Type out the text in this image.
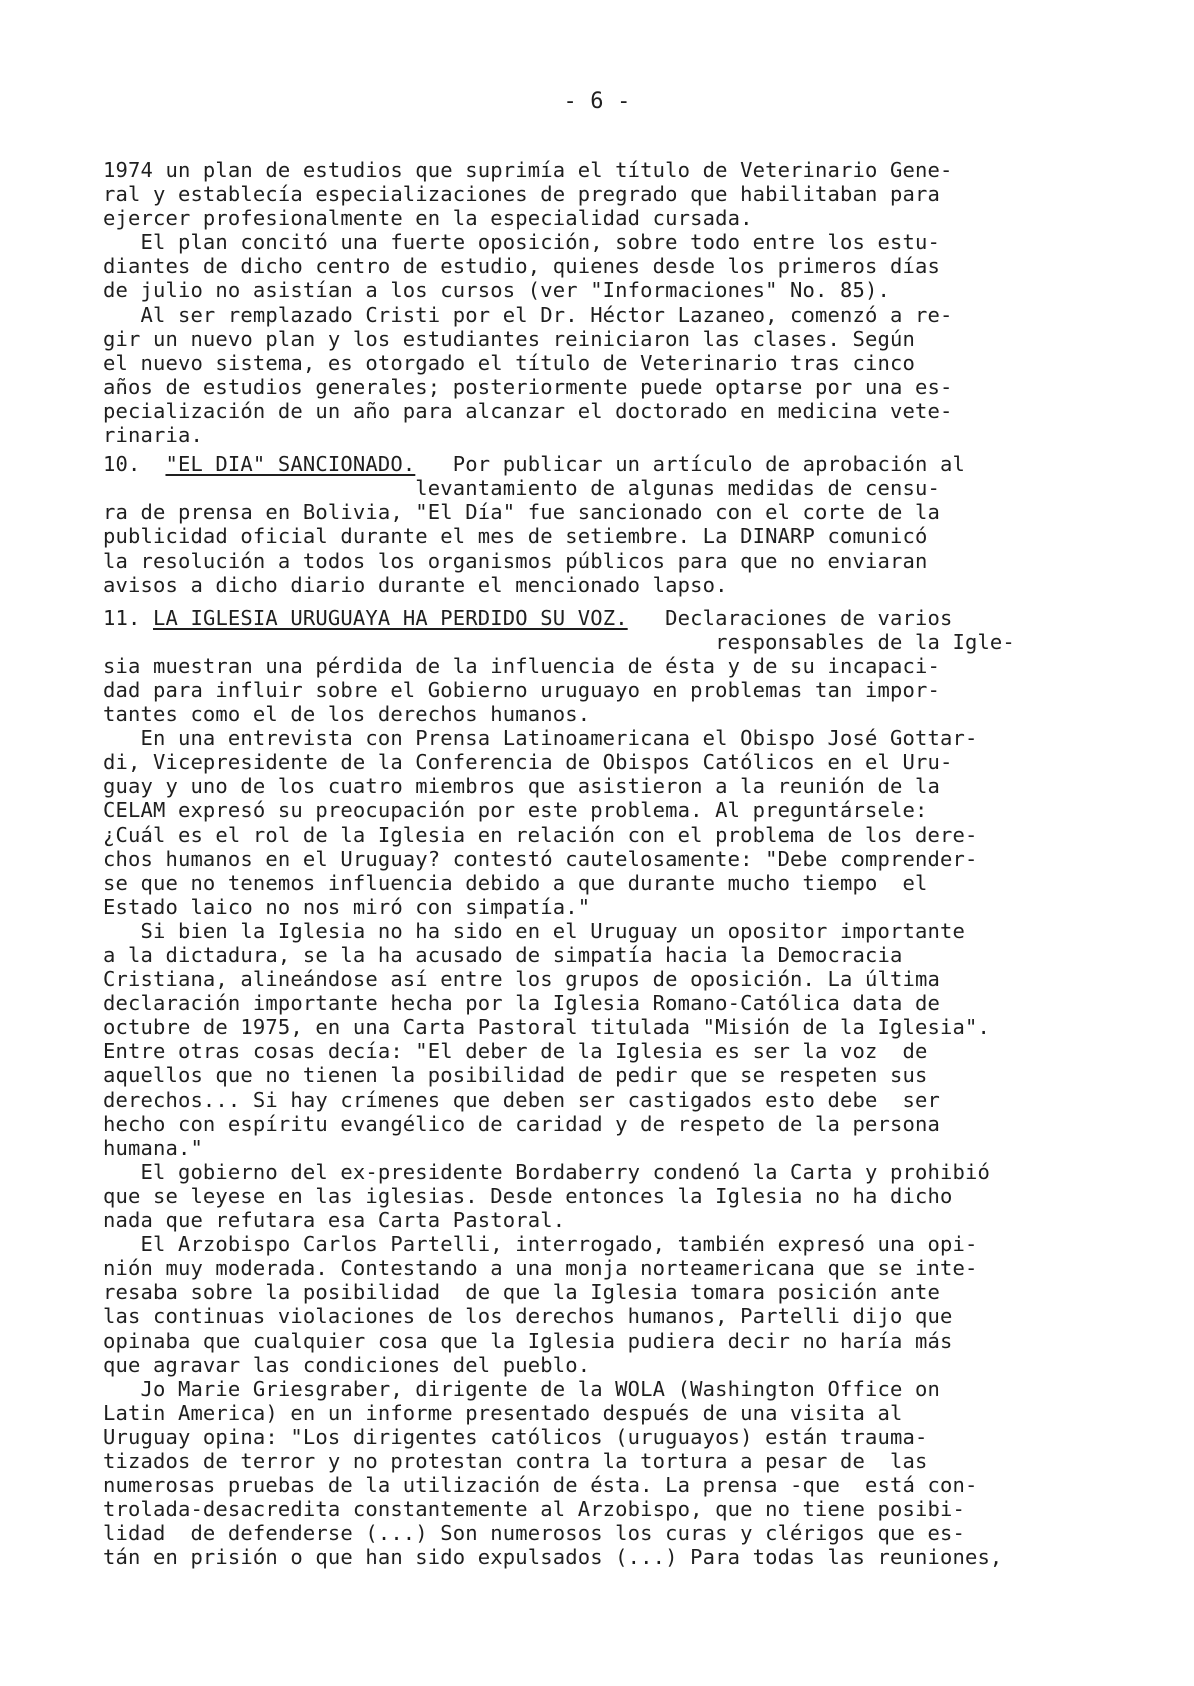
- 6 -
1974 un plan de estudios que suprimía el título de Veterinario Gene-
ral y establecía especializaciones de pregrado que habilitaban para
ejercer profesionalmente en la especialidad cursada.
El plan concitó una fuerte oposición, sobre todo entre los estu-
diantes de dicho centro de estudio, quienes desde los primeros días
de julio no asistían a los cursos (ver "Informaciones" No. 85).
Al ser remplazado Cristi por el Dr. Héctor Lazaneo, comenzó a re-
gir un nuevo plan y los estudiantes reiniciaron las clases. Según
el nuevo sistema, es otorgado el título de Veterinario tras cinco
años de estudios generales; posteriormente puede optarse por una es-
pecialización de un año para alcanzar el doctorado en medicina vete-
rinaria.
10. "EL DIA" SANCIONADO. Por publicar un artículo de aprobación al
levantamiento de algunas medidas de censu-
ra de prensa en Bolivia, "El Día" fue sancionado con el corte de la
publicidad oficial durante el mes de setiembre. La DINARP comunicó
la resolución a todos los organismos públicos para que no enviaran
avisos a dicho diario durante el mencionado lapso.
11. LA IGLESIA URUGUAYA HA PERDIDO SU VOZ. Declaraciones de varios
responsables de la Igle-
sia muestran una pérdida de la influencia de ésta y de su incapaci-
dad para influir sobre el Gobierno uruguayo en problemas tan impor-
tantes como el de los derechos humanos.
En una entrevista con Prensa Latinoamericana el Obispo José Gottar-
di, Vicepresidente de la Conferencia de Obispos Católicos en el Uru-
guay y uno de los cuatro miembros que asistieron a la reunión de la
CELAM expresó su preocupación por este problema. Al preguntársele:
¿Cuál es el rol de la Iglesia en relación con el problema de los dere-
chos humanos en el Uruguay? contestó cautelosamente: "Debe comprender-
se que no tenemos influencia debido a que durante mucho tiempo  el
Estado laico no nos miró con simpatía."
Si bien la Iglesia no ha sido en el Uruguay un opositor importante
a la dictadura, se la ha acusado de simpatía hacia la Democracia
Cristiana, alineándose así entre los grupos de oposición. La última
declaración importante hecha por la Iglesia Romano-Católica data de
octubre de 1975, en una Carta Pastoral titulada "Misión de la Iglesia".
Entre otras cosas decía: "El deber de la Iglesia es ser la voz  de
aquellos que no tienen la posibilidad de pedir que se respeten sus
derechos... Si hay crímenes que deben ser castigados esto debe  ser
hecho con espíritu evangélico de caridad y de respeto de la persona
humana."
El gobierno del ex-presidente Bordaberry condenó la Carta y prohibió
que se leyese en las iglesias. Desde entonces la Iglesia no ha dicho
nada que refutara esa Carta Pastoral.
El Arzobispo Carlos Partelli, interrogado, también expresó una opi-
nión muy moderada. Contestando a una monja norteamericana que se inte-
resaba sobre la posibilidad  de que la Iglesia tomara posición ante
las continuas violaciones de los derechos humanos, Partelli dijo que
opinaba que cualquier cosa que la Iglesia pudiera decir no haría más
que agravar las condiciones del pueblo.
Jo Marie Griesgraber, dirigente de la WOLA (Washington Office on
Latin America) en un informe presentado después de una visita al
Uruguay opina: "Los dirigentes católicos (uruguayos) están trauma-
tizados de terror y no protestan contra la tortura a pesar de  las
numerosas pruebas de la utilización de ésta. La prensa -que  está con-
trolada-desacredita constantemente al Arzobispo, que no tiene posibi-
lidad  de defenderse (...) Son numerosos los curas y clérigos que es-
tán en prisión o que han sido expulsados (...) Para todas las reuniones,
